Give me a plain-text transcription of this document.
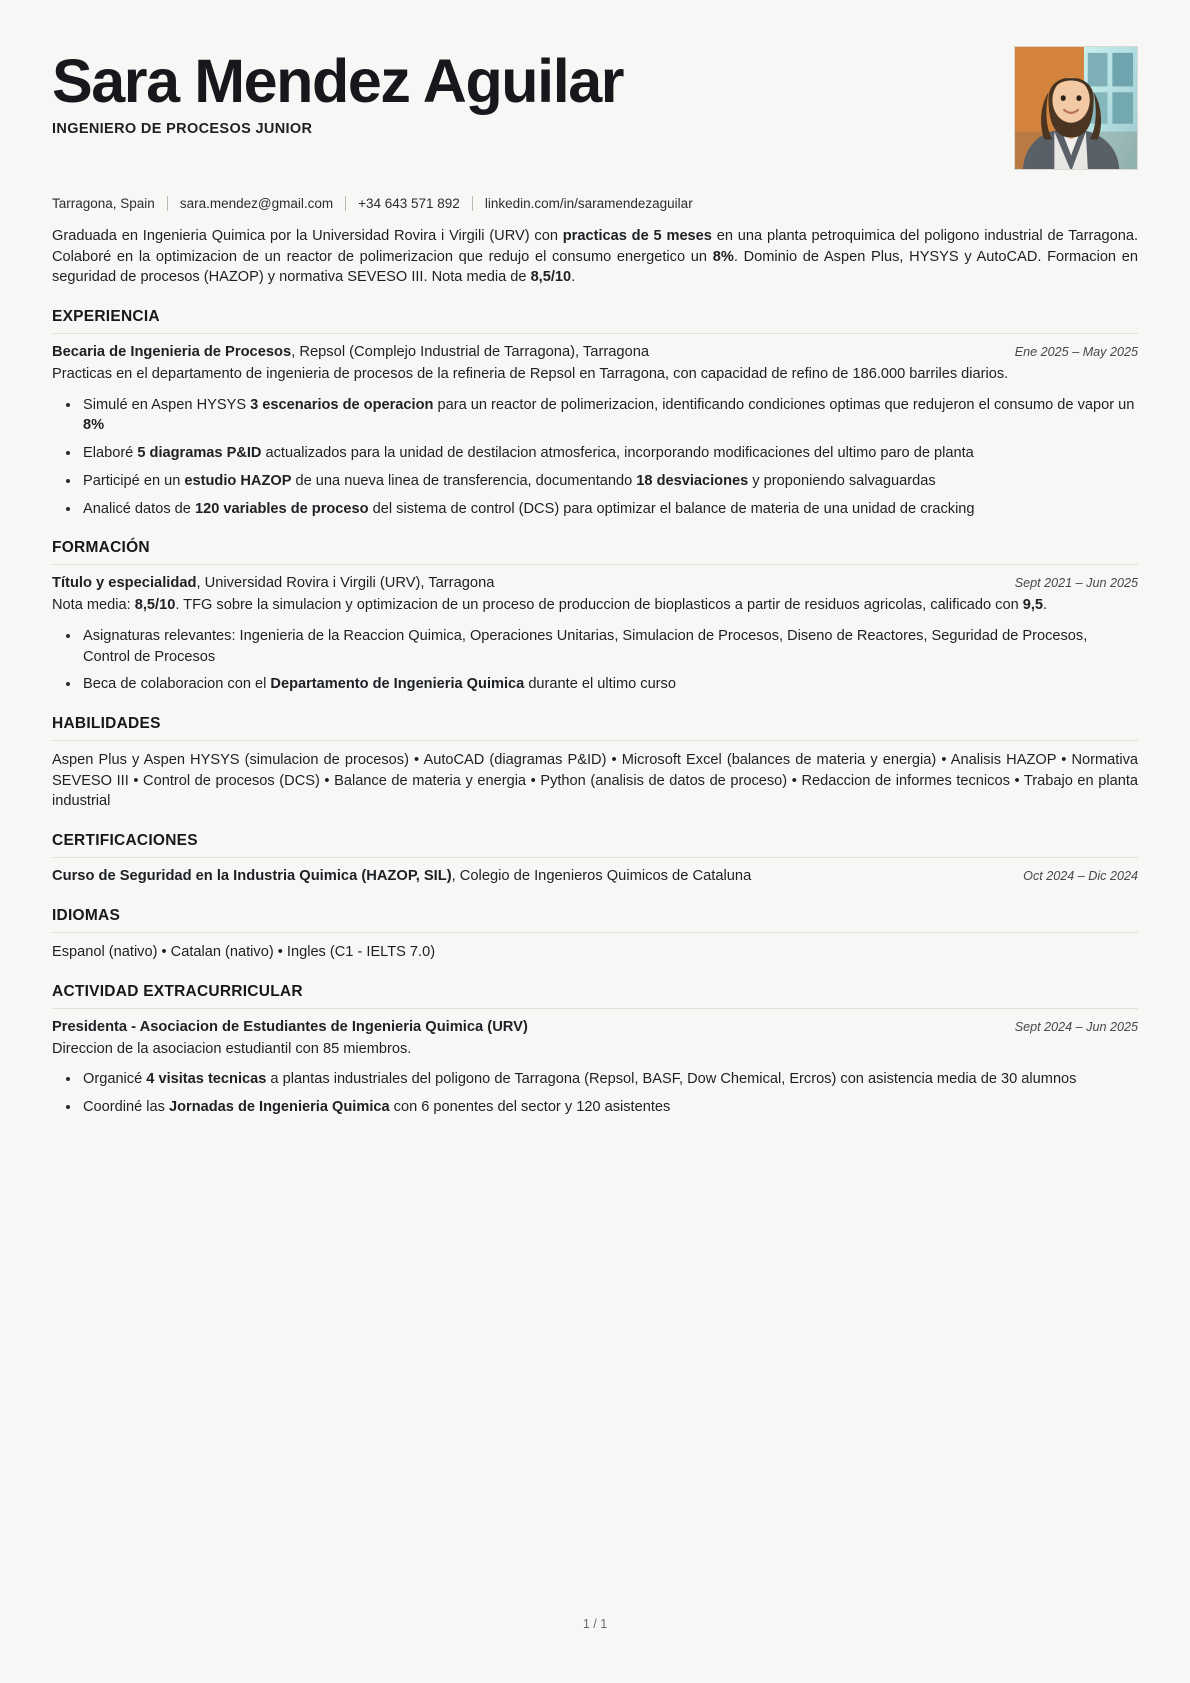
Sara Mendez Aguilar
INGENIERO DE PROCESOS JUNIOR
Tarragona, Spain sara.mendez@gmail.com +34 643 571 892 linkedin.com/in/saramendezaguilar
Graduada en Ingenieria Quimica por la Universidad Rovira i Virgili (URV) con practicas de 5 meses en una planta petroquimica del poligono industrial de Tarragona. Colaboré en la optimizacion de un reactor de polimerizacion que redujo el consumo energetico un 8%. Dominio de Aspen Plus, HYSYS y AutoCAD. Formacion en seguridad de procesos (HAZOP) y normativa SEVESO III. Nota media de 8,5/10.
EXPERIENCIA
Becaria de Ingenieria de Procesos, Repsol (Complejo Industrial de Tarragona), Tarragona	Ene 2025 – May 2025
Practicas en el departamento de ingenieria de procesos de la refineria de Repsol en Tarragona, con capacidad de refino de 186.000 barriles diarios.
Simulé en Aspen HYSYS 3 escenarios de operacion para un reactor de polimerizacion, identificando condiciones optimas que redujeron el consumo de vapor un 8%
Elaboré 5 diagramas P&ID actualizados para la unidad de destilacion atmosferica, incorporando modificaciones del ultimo paro de planta
Participé en un estudio HAZOP de una nueva linea de transferencia, documentando 18 desviaciones y proponiendo salvaguardas
Analicé datos de 120 variables de proceso del sistema de control (DCS) para optimizar el balance de materia de una unidad de cracking
FORMACIÓN
Título y especialidad, Universidad Rovira i Virgili (URV), Tarragona	Sept 2021 – Jun 2025
Nota media: 8,5/10. TFG sobre la simulacion y optimizacion de un proceso de produccion de bioplasticos a partir de residuos agricolas, calificado con 9,5.
Asignaturas relevantes: Ingenieria de la Reaccion Quimica, Operaciones Unitarias, Simulacion de Procesos, Diseno de Reactores, Seguridad de Procesos, Control de Procesos
Beca de colaboracion con el Departamento de Ingenieria Quimica durante el ultimo curso
HABILIDADES
Aspen Plus y Aspen HYSYS (simulacion de procesos) • AutoCAD (diagramas P&ID) • Microsoft Excel (balances de materia y energia) • Analisis HAZOP • Normativa SEVESO III • Control de procesos (DCS) • Balance de materia y energia • Python (analisis de datos de proceso) • Redaccion de informes tecnicos • Trabajo en planta industrial
CERTIFICACIONES
Curso de Seguridad en la Industria Quimica (HAZOP, SIL), Colegio de Ingenieros Quimicos de Cataluna	Oct 2024 – Dic 2024
IDIOMAS
Espanol (nativo) • Catalan (nativo) • Ingles (C1 - IELTS 7.0)
ACTIVIDAD EXTRACURRICULAR
Presidenta - Asociacion de Estudiantes de Ingenieria Quimica (URV)	Sept 2024 – Jun 2025
Direccion de la asociacion estudiantil con 85 miembros.
Organicé 4 visitas tecnicas a plantas industriales del poligono de Tarragona (Repsol, BASF, Dow Chemical, Ercros) con asistencia media de 30 alumnos
Coordiné las Jornadas de Ingenieria Quimica con 6 ponentes del sector y 120 asistentes
1 / 1
